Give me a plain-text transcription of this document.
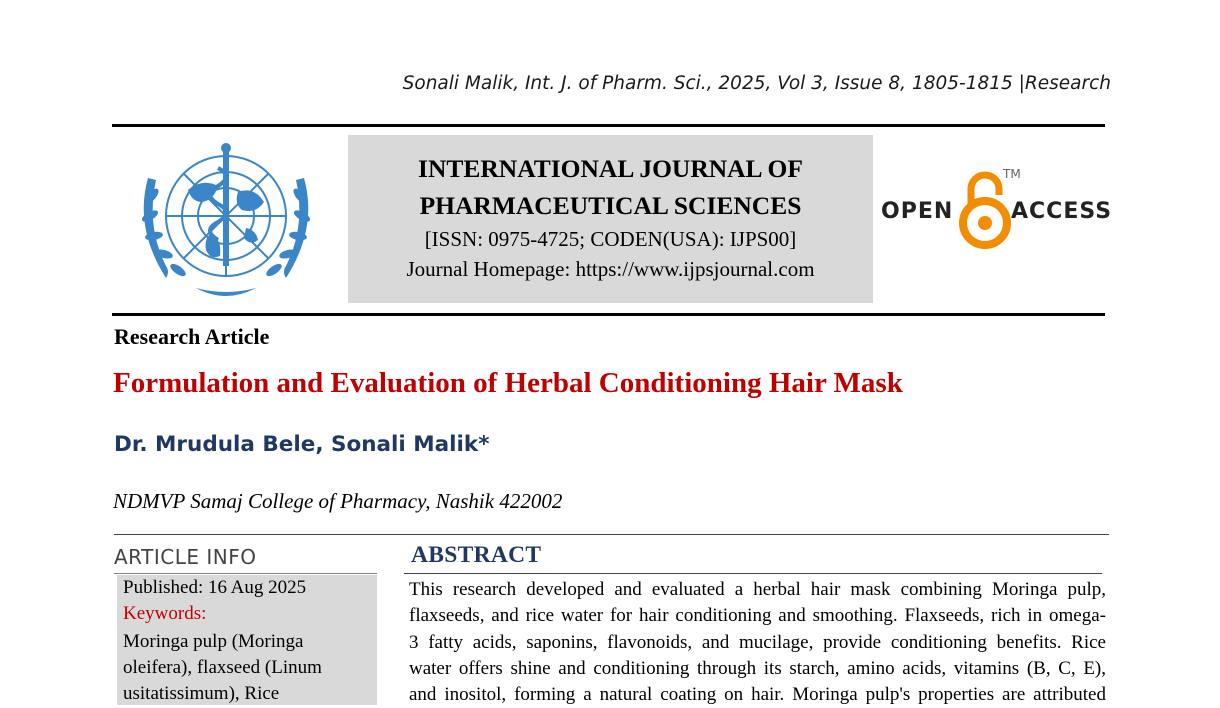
Sonali Malik, Int. J. of Pharm. Sci., 2025, Vol 3, Issue 8, 1805-1815 |Research
INTERNATIONAL JOURNAL OF
PHARMACEUTICAL SCIENCES
[ISSN: 0975-4725; CODEN(USA): IJPS00]
Journal Homepage: https://www.ijpsjournal.com
OPEN
TM
ACCESS
Research Article
Formulation and Evaluation of Herbal Conditioning Hair Mask
Dr. Mrudula Bele, Sonali Malik*
NDMVP Samaj College of Pharmacy, Nashik 422002
ARTICLE INFO
Published: 16 Aug 2025
Keywords:
Moringa pulp (Moringa oleifera), flaxseed (Linum usitatissimum), Rice
ABSTRACT
This research developed and evaluated a herbal hair mask combining Moringa pulp,
flaxseeds, and rice water for hair conditioning and smoothing. Flaxseeds, rich in omega-
3 fatty acids, saponins, flavonoids, and mucilage, provide conditioning benefits. Rice
water offers shine and conditioning through its starch, amino acids, vitamins (B, C, E),
and inositol, forming a natural coating on hair. Moringa pulp's properties are attributed
